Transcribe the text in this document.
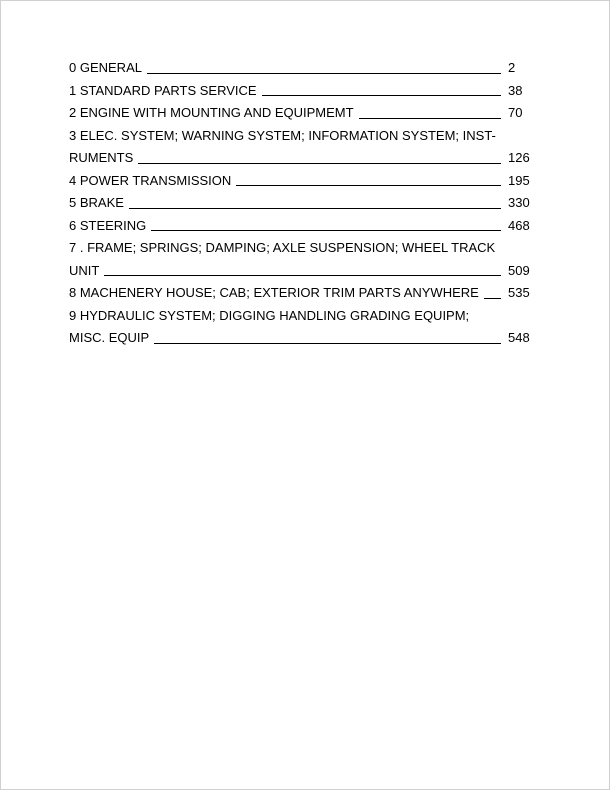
0 GENERAL	2
1 STANDARD PARTS SERVICE	38
2 ENGINE WITH MOUNTING AND EQUIPMEMT	70
3 ELEC. SYSTEM; WARNING SYSTEM; INFORMATION SYSTEM; INST-
RUMENTS	126
4 POWER TRANSMISSION	195
5 BRAKE	330
6 STEERING	468
7 . FRAME; SPRINGS; DAMPING; AXLE SUSPENSION; WHEEL TRACK
UNIT	509
8 MACHENERY HOUSE; CAB; EXTERIOR TRIM PARTS ANYWHERE	535
9 HYDRAULIC SYSTEM; DIGGING HANDLING GRADING EQUIPM;
MISC. EQUIP	548
